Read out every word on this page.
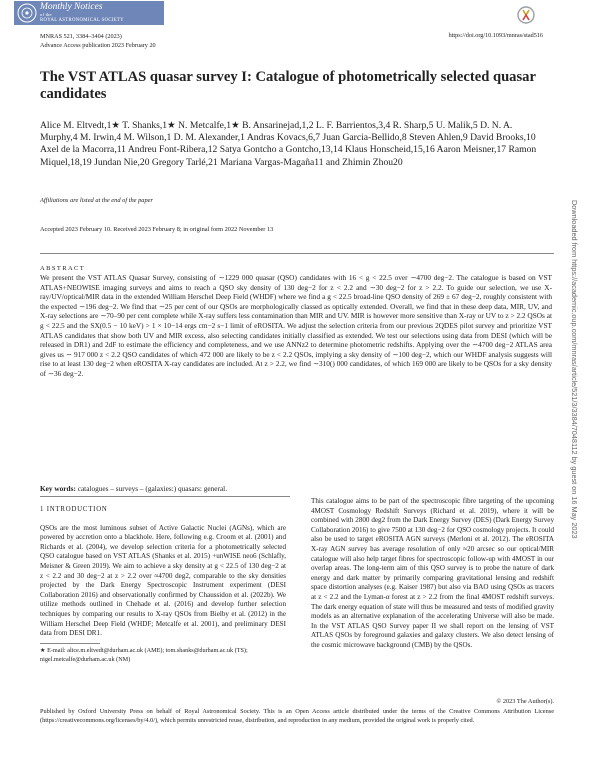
Monthly Notices
of the
ROYAL ASTRONOMICAL SOCIETY
MNRAS 521, 3384–3404 (2023)
Advance Access publication 2023 February 20
https://doi.org/10.1093/mnras/stad516
The VST ATLAS quasar survey I: Catalogue of photometrically selected quasar candidates
Alice M. Eltvedt,1★ T. Shanks,1★ N. Metcalfe,1★ B. Ansarinejad,1,2 L. F. Barrientos,3,4 R. Sharp,5 U. Malik,5 D. N. A. Murphy,4 M. Irwin,4 M. Wilson,1 D. M. Alexander,1 Andras Kovacs,6,7 Juan Garcia-Bellido,8 Steven Ahlen,9 David Brooks,10 Axel de la Macorra,11 Andreu Font-Ribera,12 Satya Gontcho a Gontcho,13,14 Klaus Honscheid,15,16 Aaron Meisner,17 Ramon Miquel,18,19 Jundan Nie,20 Gregory Tarlé,21 Mariana Vargas-Magaña11 and Zhimin Zhou20
Affiliations are listed at the end of the paper
Accepted 2023 February 10. Received 2023 February 8; in original form 2022 November 13
ABSTRACT

We present the VST ATLAS Quasar Survey, consisting of ∼1229 000 quasar (QSO) candidates with 16 < g < 22.5 over ∼4700 deg−2. The catalogue is based on VST ATLAS+NEOWISE imaging surveys and aims to reach a QSO sky density of 130 deg−2 for z < 2.2 and ∼30 deg−2 for z > 2.2. To guide our selection, we use X-ray/UV/optical/MIR data in the extended William Herschel Deep Field (WHDF) where we find a g < 22.5 broad-line QSO density of 269 ± 67 deg−2, roughly consistent with the expected ∼196 deg−2. We find that ∼25 per cent of our QSOs are morphologically classed as optically extended. Overall, we find that in these deep data, MIR, UV, and X-ray selections are ∼70–90 per cent complete while X-ray suffers less contamination than MIR and UV. MIR is however more sensitive than X-ray or UV to z > 2.2 QSOs at g < 22.5 and the SX(0.5 − 10 keV) > 1 × 10−14 ergs cm−2 s−1 limit of eROSITA. We adjust the selection criteria from our previous 2QDES pilot survey and prioritize VST ATLAS candidates that show both UV and MIR excess, also selecting candidates initially classified as extended. We test our selections using data from DESI (which will be released in DR1) and 2dF to estimate the efficiency and completeness, and we use ANNz2 to determine photometric redshifts. Applying over the ∼4700 deg−2 ATLAS area gives us ∼ 917 000 z < 2.2 QSO candidates of which 472 000 are likely to be z < 2.2 QSOs, implying a sky density of ∼100 deg−2, which our WHDF analysis suggests will rise to at least 130 deg−2 when eROSITA X-ray candidates are included. At z > 2.2, we find ∼310() 000 candidates, of which 169 000 are likely to be QSOs for a sky density of ∼36 deg−2.

Key words: catalogues – surveys – (galaxies:) quasars: general.
1 INTRODUCTION

QSOs are the most luminous subset of Active Galactic Nuclei (AGNs), which are powered by accretion onto a blackhole. Here, following e.g. Croom et al. (2001) and Richards et al. (2004), we develop selection criteria for a photometrically selected QSO catalogue based on VST ATLAS (Shanks et al. 2015) +unWISE neo6 (Schlafly, Meisner & Green 2019). We aim to achieve a sky density at g < 22.5 of 130 deg−2 at z < 2.2 and 30 deg−2 at z > 2.2 over ≈4700 deg2, comparable to the sky densities projected by the Dark Energy Spectroscopic Instrument experiment (DESI Collaboration 2016) and observationally confirmed by Chaussidon et al. (2022b). We utilize methods outlined in Chehade et al. (2016) and develop further selection techniques by comparing our results to X-ray QSOs from Bielby et al. (2012) in the William Herschel Deep Field (WHDF; Metcalfe et al. 2001), and preliminary DESI data from DESI DR1.

This catalogue aims to be part of the spectroscopic fibre targeting of the upcoming 4MOST Cosmology Redshift Surveys (Richard et al. 2019), where it will be combined with 2800 deg2 from the Dark Energy Survey (DES) (Dark Energy Survey Collaboration 2016) to give 7500 at 130 deg−2 for QSO cosmology projects. It could also be used to target eROSITA AGN surveys (Merloni et al. 2012). The eROSITA X-ray AGN survey has average resolution of only ≈20 arcsec so our optical/MIR catalogue will also help target fibres for spectroscopic follow-up with 4MOST in our overlap areas. The long-term aim of this QSO survey is to probe the nature of dark energy and dark matter by primarily comparing gravitational lensing and redshift space distortion analyses (e.g. Kaiser 1987) but also via BAO using QSOs as tracers at z < 2.2 and the Lyman-α forest at z > 2.2 from the final 4MOST redshift surveys. The dark energy equation of state will thus be measured and tests of modified gravity models as an alternative explanation of the accelerating Universe will also be made. In the VST ATLAS QSO Survey paper II we shall report on the lensing of VST ATLAS QSOs by foreground galaxies and galaxy clusters. We also detect lensing of the cosmic microwave background (CMB) by the QSOs.

★ E-mail: alice.m.eltvedt@durham.ac.uk (AME); tom.shanks@durham.ac.uk (TS); nigel.metcalfe@durham.ac.uk (NM)
© 2023 The Author(s).
Published by Oxford University Press on behalf of Royal Astronomical Society. This is an Open Access article distributed under the terms of the Creative Commons Attribution License (https://creativecommons.org/licenses/by/4.0/), which permits unrestricted reuse, distribution, and reproduction in any medium, provided the original work is properly cited.
Downloaded from https://academic.oup.com/mnras/article/521/3/3384/7048112 by guest on 16 May 2023
